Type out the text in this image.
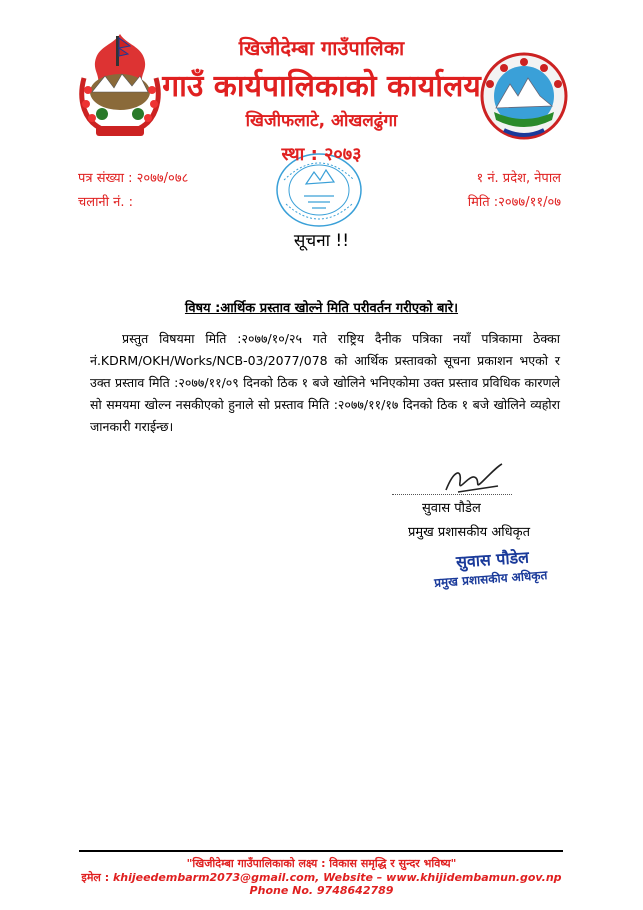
खिजीदेम्बा गाउँपालिका
गाउँ कार्यपालिकाको कार्यालय
खिजीफलाटे, ओखलढुंगा
स्था : २०७३
पत्र संख्या : २०७७/०७८
चलानी नं. :
१ नं. प्रदेश, नेपाल
मिति :२०७७/११/०७
सूचना !!
विषय :आर्थिक प्रस्ताव खोल्ने मिति परीवर्तन गरीएको बारे।
प्रस्तुत विषयमा मिति :२०७७/१०/२५ गते राष्ट्रिय दैनीक पत्रिका नयाँ पत्रिकामा ठेक्का नं.KDRM/OKH/Works/NCB-03/2077/078 को आर्थिक प्रस्तावको सूचना प्रकाशन भएको र उक्त प्रस्ताव मिति :२०७७/११/०९ दिनको ठिक १ बजे खोलिने भनिएकोमा उक्त प्रस्ताव प्रविधिक कारणले सो समयमा खोल्न नसकीएको हुनाले सो प्रस्ताव मिति :२०७७/११/१७ दिनको ठिक १ बजे खोलिने व्यहोरा जानकारी गराईन्छ।
सुवास पौडेल
प्रमुख प्रशासकीय अधिकृत
सुवास पौडेल
प्रमुख प्रशासकीय अधिकृत
"खिजीदेम्बा गाउँपालिकाको लक्ष्य : विकास समृद्धि र सुन्दर भविष्य"
इमेल : khijeedembarm2073@gmail.com, Website – www.khijidembamun.gov.np
Phone No. 9748642789
